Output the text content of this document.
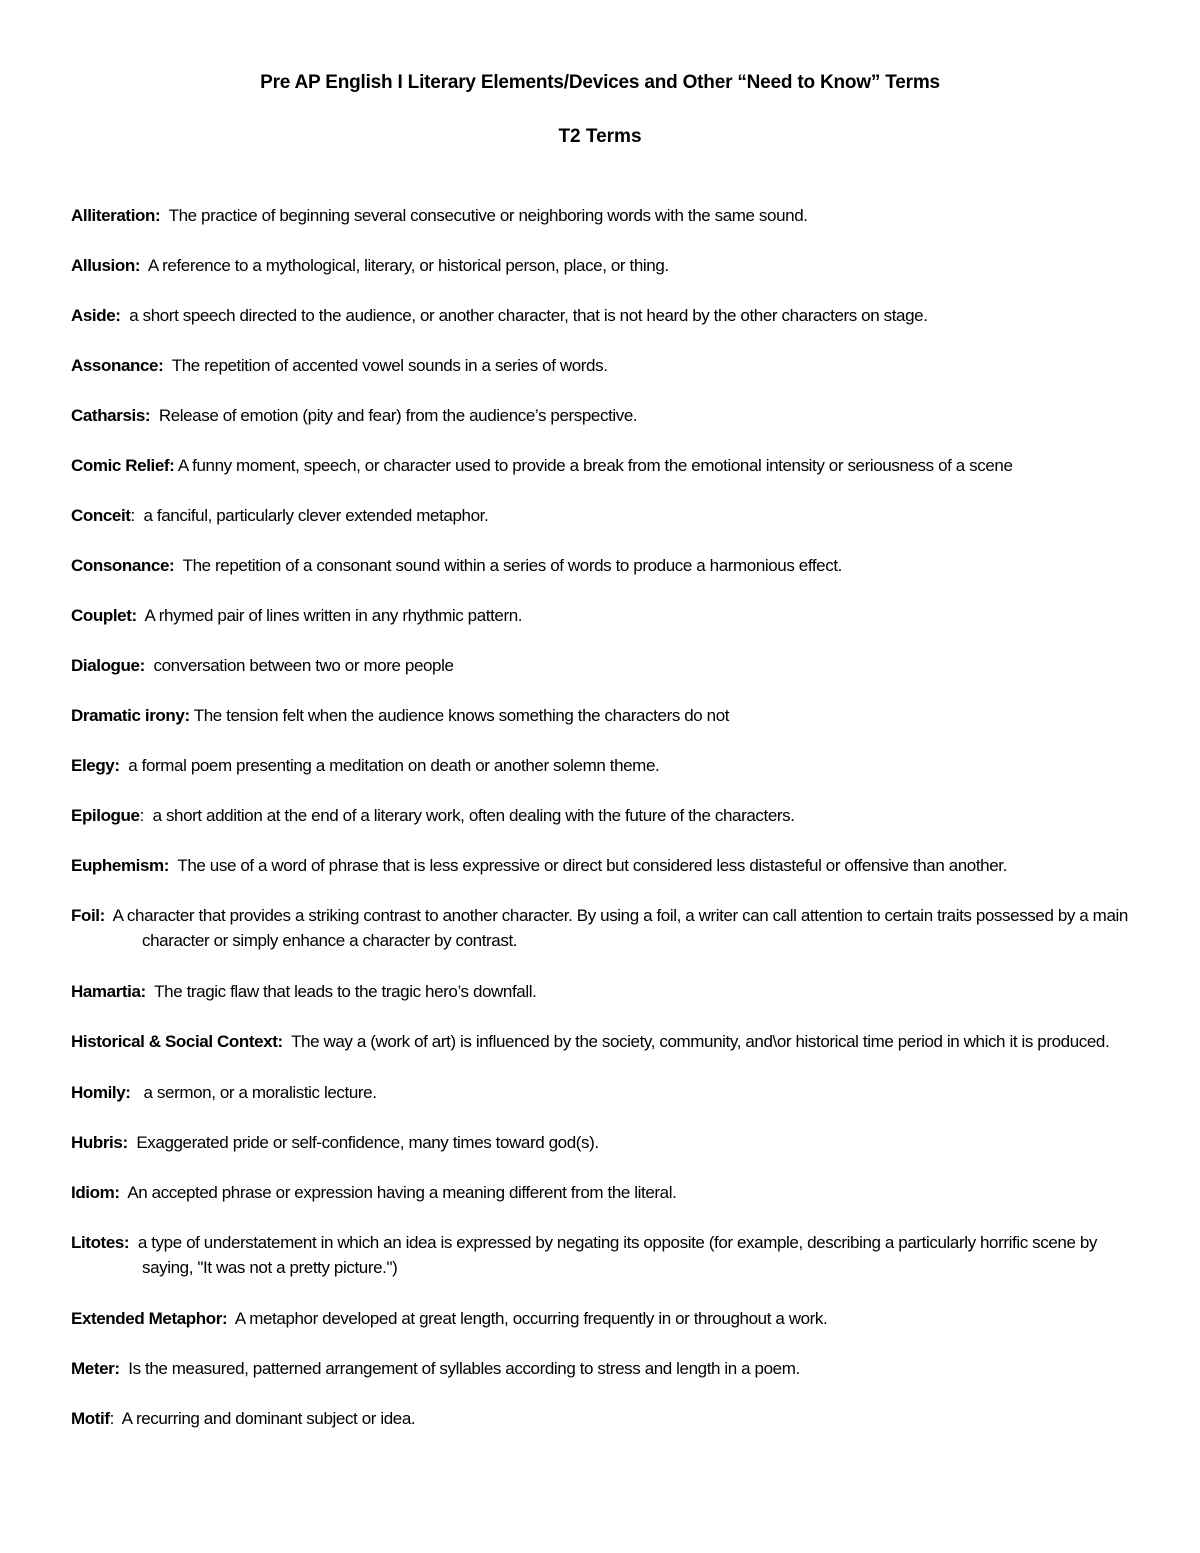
Pre AP English I Literary Elements/Devices and Other “Need to Know” Terms
T2 Terms
Alliteration: The practice of beginning several consecutive or neighboring words with the same sound.
Allusion: A reference to a mythological, literary, or historical person, place, or thing.
Aside: a short speech directed to the audience, or another character, that is not heard by the other characters on stage.
Assonance: The repetition of accented vowel sounds in a series of words.
Catharsis: Release of emotion (pity and fear) from the audience’s perspective.
Comic Relief: A funny moment, speech, or character used to provide a break from the emotional intensity or seriousness of a scene
Conceit:  a fanciful, particularly clever extended metaphor.
Consonance: The repetition of a consonant sound within a series of words to produce a harmonious effect.
Couplet: A rhymed pair of lines written in any rhythmic pattern.
Dialogue: conversation between two or more people
Dramatic irony: The tension felt when the audience knows something the characters do not
Elegy: a formal poem presenting a meditation on death or another solemn theme.
Epilogue:  a short addition at the end of a literary work, often dealing with the future of the characters.
Euphemism: The use of a word of phrase that is less expressive or direct but considered less distasteful or offensive than another.
Foil: A character that provides a striking contrast to another character. By using a foil, a writer can call attention to certain traits possessed by a main character or simply enhance a character by contrast.
Hamartia: The tragic flaw that leads to the tragic hero’s downfall.
Historical & Social Context: The way a (work of art) is influenced by the society, community, and\or historical time period in which it is produced.
Homily: a sermon, or a moralistic lecture.
Hubris: Exaggerated pride or self-confidence, many times toward god(s).
Idiom: An accepted phrase or expression having a meaning different from the literal.
Litotes: a type of understatement in which an idea is expressed by negating its opposite (for example, describing a particularly horrific scene by saying, "It was not a pretty picture.")
Extended Metaphor: A metaphor developed at great length, occurring frequently in or throughout a work.
Meter: Is the measured, patterned arrangement of syllables according to stress and length in a poem.
Motif:  A recurring and dominant subject or idea.
